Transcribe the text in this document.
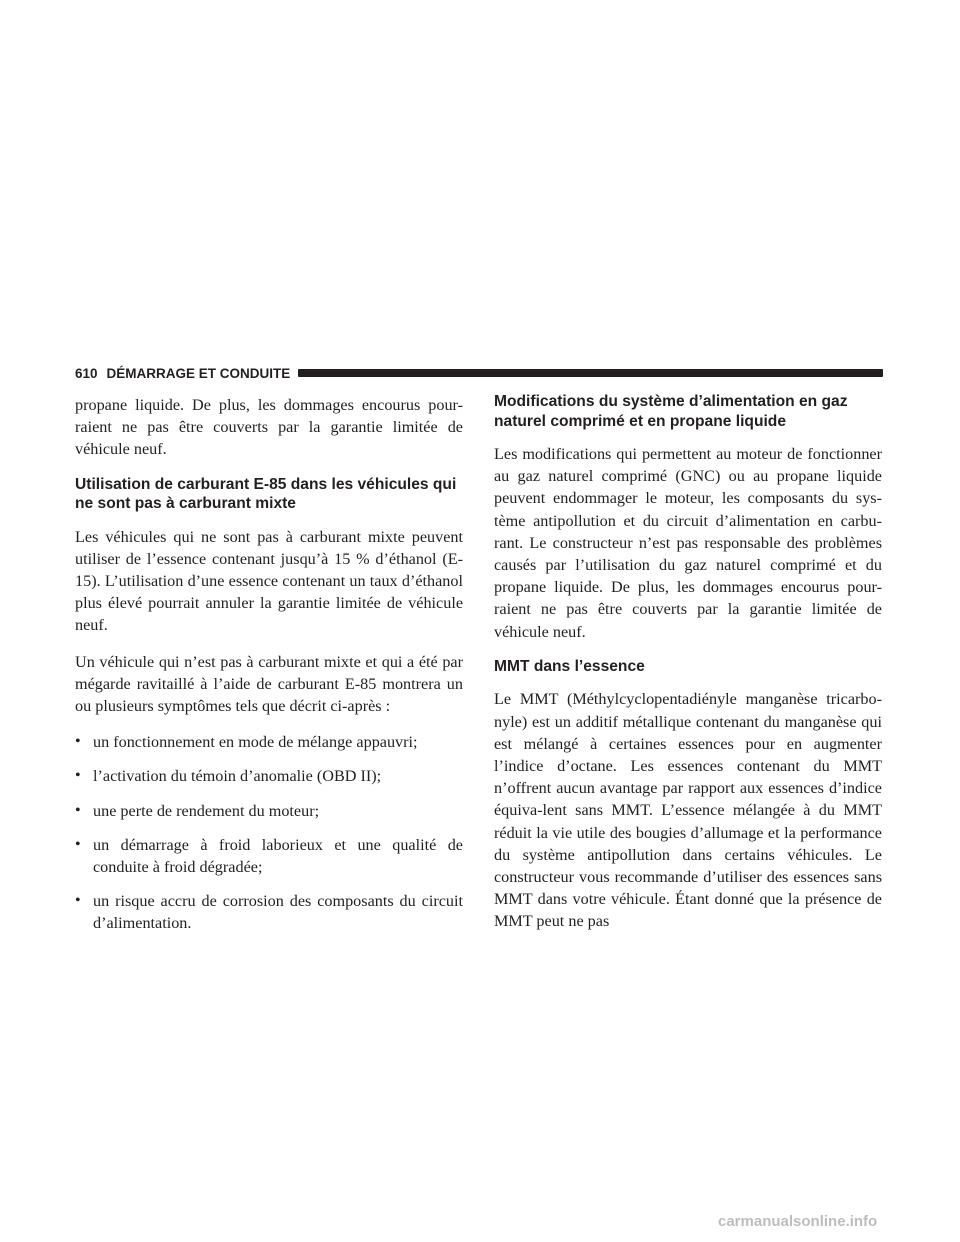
610 DÉMARRAGE ET CONDUITE

propane liquide. De plus, les dommages encourus pour-raient ne pas être couverts par la garantie limitée de véhicule neuf.

Utilisation de carburant E-85 dans les véhicules qui ne sont pas à carburant mixte

Les véhicules qui ne sont pas à carburant mixte peuvent utiliser de l’essence contenant jusqu’à 15 % d’éthanol (E-15). L’utilisation d’une essence contenant un taux d’éthanol plus élevé pourrait annuler la garantie limitée de véhicule neuf.

Un véhicule qui n’est pas à carburant mixte et qui a été par mégarde ravitaillé à l’aide de carburant E-85 montrera un ou plusieurs symptômes tels que décrit ci-après :

• un fonctionnement en mode de mélange appauvri;
• l’activation du témoin d’anomalie (OBD II);
• une perte de rendement du moteur;
• un démarrage à froid laborieux et une qualité de conduite à froid dégradée;
• un risque accru de corrosion des composants du circuit d’alimentation.
Modifications du système d’alimentation en gaz naturel comprimé et en propane liquide

Les modifications qui permettent au moteur de fonctionner au gaz naturel comprimé (GNC) ou au propane liquide peuvent endommager le moteur, les composants du sys-tème antipollution et du circuit d’alimentation en carbu-rant. Le constructeur n’est pas responsable des problèmes causés par l’utilisation du gaz naturel comprimé et du propane liquide. De plus, les dommages encourus pour-raient ne pas être couverts par la garantie limitée de véhicule neuf.

MMT dans l’essence

Le MMT (Méthylcyclopentadiényle manganèse tricarbo-nyle) est un additif métallique contenant du manganèse qui est mélangé à certaines essences pour en augmenter l’indice d’octane. Les essences contenant du MMT n’offrent aucun avantage par rapport aux essences d’indice équiva-lent sans MMT. L’essence mélangée à du MMT réduit la vie utile des bougies d’allumage et la performance du système antipollution dans certains véhicules. Le constructeur vous recommande d’utiliser des essences sans MMT dans votre véhicule. Étant donné que la présence de MMT peut ne pas

carmanualsonline.info
